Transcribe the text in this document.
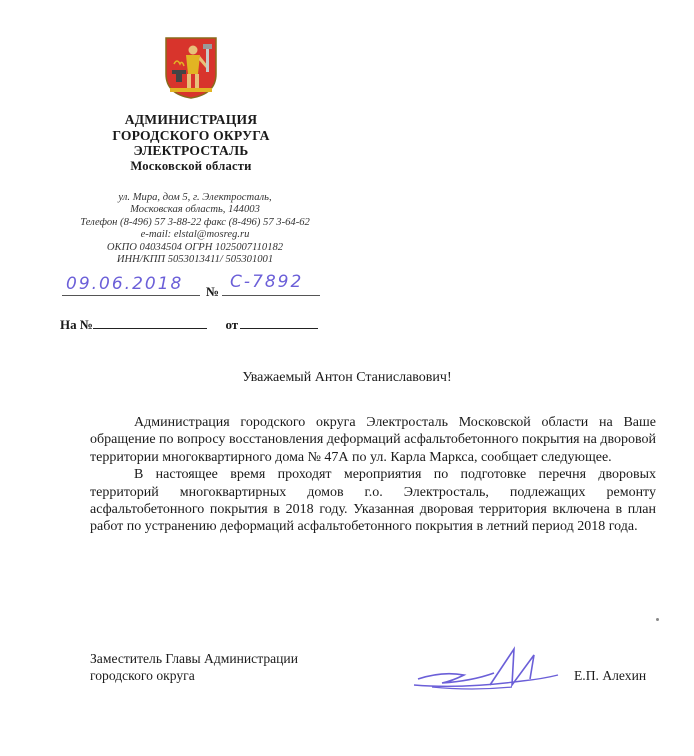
АДМИНИСТРАЦИЯ
ГОРОДСКОГО ОКРУГА
ЭЛЕКТРОСТАЛЬ
Московской области
ул. Мира, дом 5, г. Электросталь,
Московская область, 144003
Телефон (8-496) 57 3-88-22 факс (8-496) 57 3-64-62
e-mail: elstal@mosreg.ru
ОКПО 04034504 ОГРН 1025007110182
ИНН/КПП 5053013411/ 505301001
09.06.2018 № С-7892
На №	от
Уважаемый Антон Станиславович!

Администрация городского округа Электросталь Московской области на Ваше обращение по вопросу восстановления деформаций асфальтобетонного покрытия на дворовой территории многоквартирного дома № 47А по ул. Карла Маркса, сообщает следующее.

В настоящее время проходят мероприятия по подготовке перечня дворовых территорий многоквартирных домов г.о. Электросталь, подлежащих ремонту асфальтобетонного покрытия в 2018 году. Указанная дворовая территория включена в план работ по устранению деформаций асфальтобетонного покрытия в летний период 2018 года.

Заместитель Главы Администрации
городского округа	Е.П. Алехин
